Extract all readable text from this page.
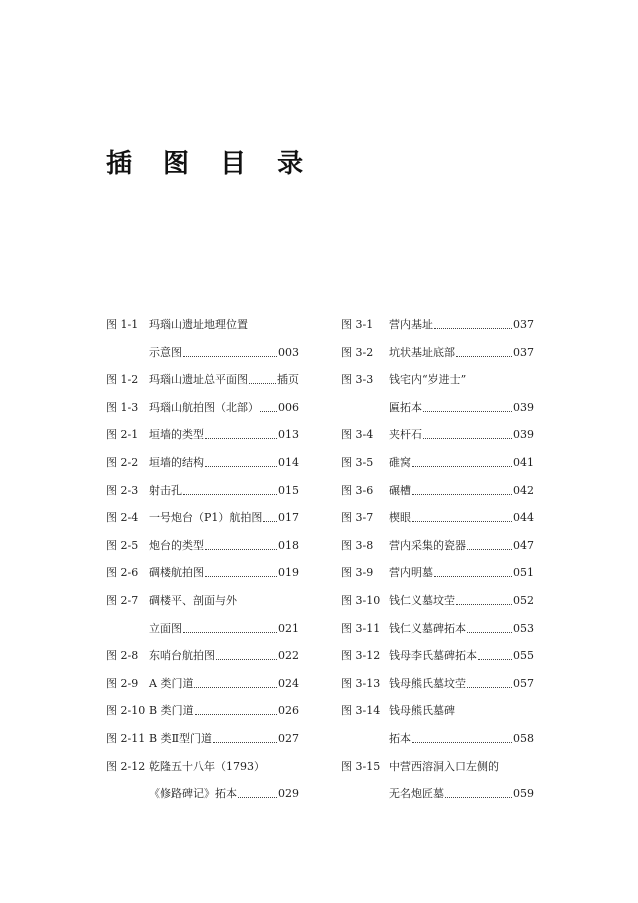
插 图 目 录
图 1-1 玛瑙山遗址地理位置
示意图	003
图 1-2 玛瑙山遗址总平面图	插页
图 1-3 玛瑙山航拍图（北部） 006
图 2-1 垣墙的类型	013
图 2-2 垣墙的结构	014
图 2-3 射击孔	015
图 2-4 一号炮台（P1）航拍图 017
图 2-5 炮台的类型	018
图 2-6 碉楼航拍图	019
图 2-7 碉楼平、剖面与外
立面图	021
图 2-8 东哨台航拍图	022
图 2-9 A 类门道	024
图 2-10 B 类门道	026
图 2-11 B 类Ⅱ型门道	027
图 2-12 乾隆五十八年（1793）
《修路碑记》拓本	029
图 3-1 营内基址	037
图 3-2 坑状基址底部	037
图 3-3 钱宅内“岁进士”
匾拓本	039
图 3-4 夹杆石	039
图 3-5 碓窝	041
图 3-6 碾槽	042
图 3-7 楔眼	044
图 3-8 营内采集的瓷器	047
图 3-9 营内明墓	051
图 3-10 钱仁义墓坟茔	052
图 3-11 钱仁义墓碑拓本	053
图 3-12 钱母李氏墓碑拓本	055
图 3-13 钱母熊氏墓坟茔	057
图 3-14 钱母熊氏墓碑
拓本	058
图 3-15 中营西溶洞入口左侧的
无名炮匠墓	059
